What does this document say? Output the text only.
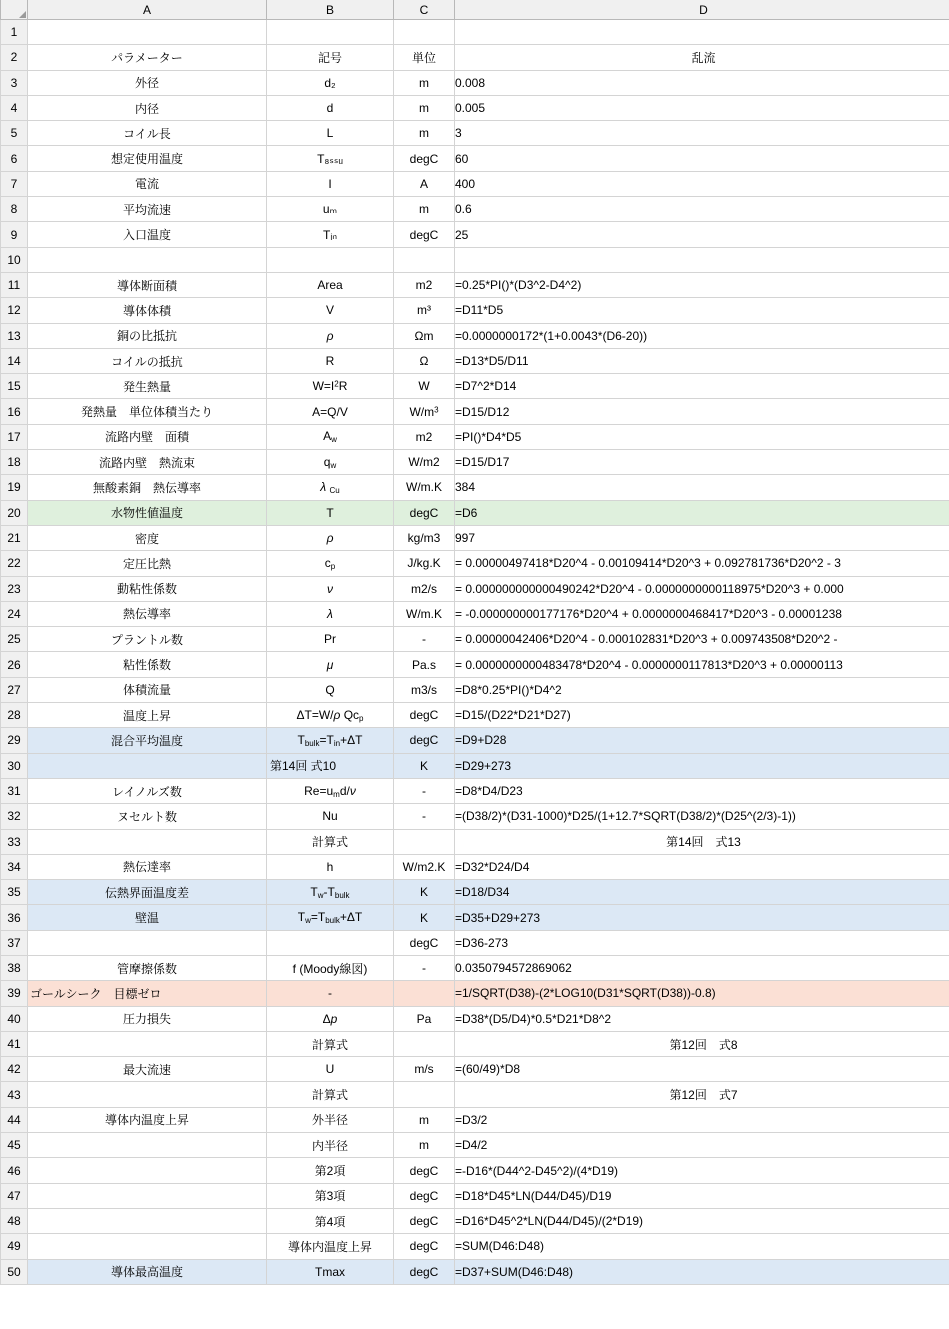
	A	B	C	D
1				
2	パラメーター	記号	単位	乱流
3	外径	d₂	m	0.008
4	内径	d	m	0.005
5	コイル長	L	m	3
6	想定使用温度	T₈ₛₛᵤ	degC	60
7	電流	I	A	400
8	平均流速	uₘ	m	0.6
9	入口温度	Tᵢₙ	degC	25
10				
11	導体断面積	Area	m2	=0.25*PI()*(D3^2-D4^2)
12	導体体積	V	m³	=D11*D5
13	銅の比抵抗	ρ	Ωm	=0.0000000172*(1+0.0043*(D6-20))
14	コイルの抵抗	R	Ω	=D13*D5/D11
15	発生熱量	$W=I^2R$	W	=D7^2*D14
16	発熱量　単位体積当たり	A=Q/V	$W/m^3$	=D15/D12
17	流路内壁　面積	$A_w$	m2	=PI()*D4*D5
18	流路内壁　熱流束	$q_w$	W/m2	=D15/D17
19	無酸素銅　熱伝導率	λ $_{Cu}$	W/m.K	384
20	水物性値温度	T	degC	=D6
21	密度	ρ	kg/m3	997
22	定圧比熱	$c_p$	J/kg.K	= 0.00000497418*D20^4 - 0.00109414*D20^3 + 0.092781736*D20^2 - 3
23	動粘性係数	ν	m2/s	= 0.000000000000490242*D20^4 - 0.0000000000118975*D20^3 + 0.000
24	熱伝導率	λ	W/m.K	= -0.000000000177176*D20^4 + 0.0000000468417*D20^3 - 0.00001238
25	プラントル数	Pr	-	= 0.00000042406*D20^4 - 0.000102831*D20^3 + 0.009743508*D20^2 -
26	粘性係数	μ	Pa.s	= 0.0000000000483478*D20^4 - 0.0000000117813*D20^3 + 0.00000113
27	体積流量	Q	m3/s	=D8*0.25*PI()*D4^2
28	温度上昇	ΔT=W/ρ $Qc_p$	degC	=D15/(D22*D21*D27)
29	混合平均温度	$T_{bulk}=T_{in}+\Delta T$	degC	=D9+D28
30		第14回 式10	K	=D29+273
31	レイノルズ数	$Re=u_md/\nu$	-	=D8*D4/D23
32	ヌセルト数	Nu	-	=(D38/2)*(D31-1000)*D25/(1+12.7*SQRT(D38/2)*(D25^(2/3)-1))
33		計算式		第14回　式13
34	熱伝達率	h	W/m2.K	=D32*D24/D4
35	伝熱界面温度差	$T_w-T_{bulk}$	K	=D18/D34
36	壁温	$T_w=T_{bulk}+\Delta T$	K	=D35+D29+273
37			degC	=D36-273
38	管摩擦係数	f (Moody線図)	-	0.0350794572869062
39	ゴールシーク　目標ゼロ	-		=1/SQRT(D38)-(2*LOG10(D31*SQRT(D38))-0.8)
40	圧力損失	Δp	Pa	=D38*(D5/D4)*0.5*D21*D8^2
41		計算式		第12回　式8
42	最大流速	U	m/s	=(60/49)*D8
43		計算式		第12回　式7
44	導体内温度上昇	外半径	m	=D3/2
45		内半径	m	=D4/2
46		第2項	degC	=-D16*(D44^2-D45^2)/(4*D19)
47		第3項	degC	=D18*D45*LN(D44/D45)/D19
48		第4項	degC	=D16*D45^2*LN(D44/D45)/(2*D19)
49		導体内温度上昇	degC	=SUM(D46:D48)
50	導体最高温度	Tmax	degC	=D37+SUM(D46:D48)
